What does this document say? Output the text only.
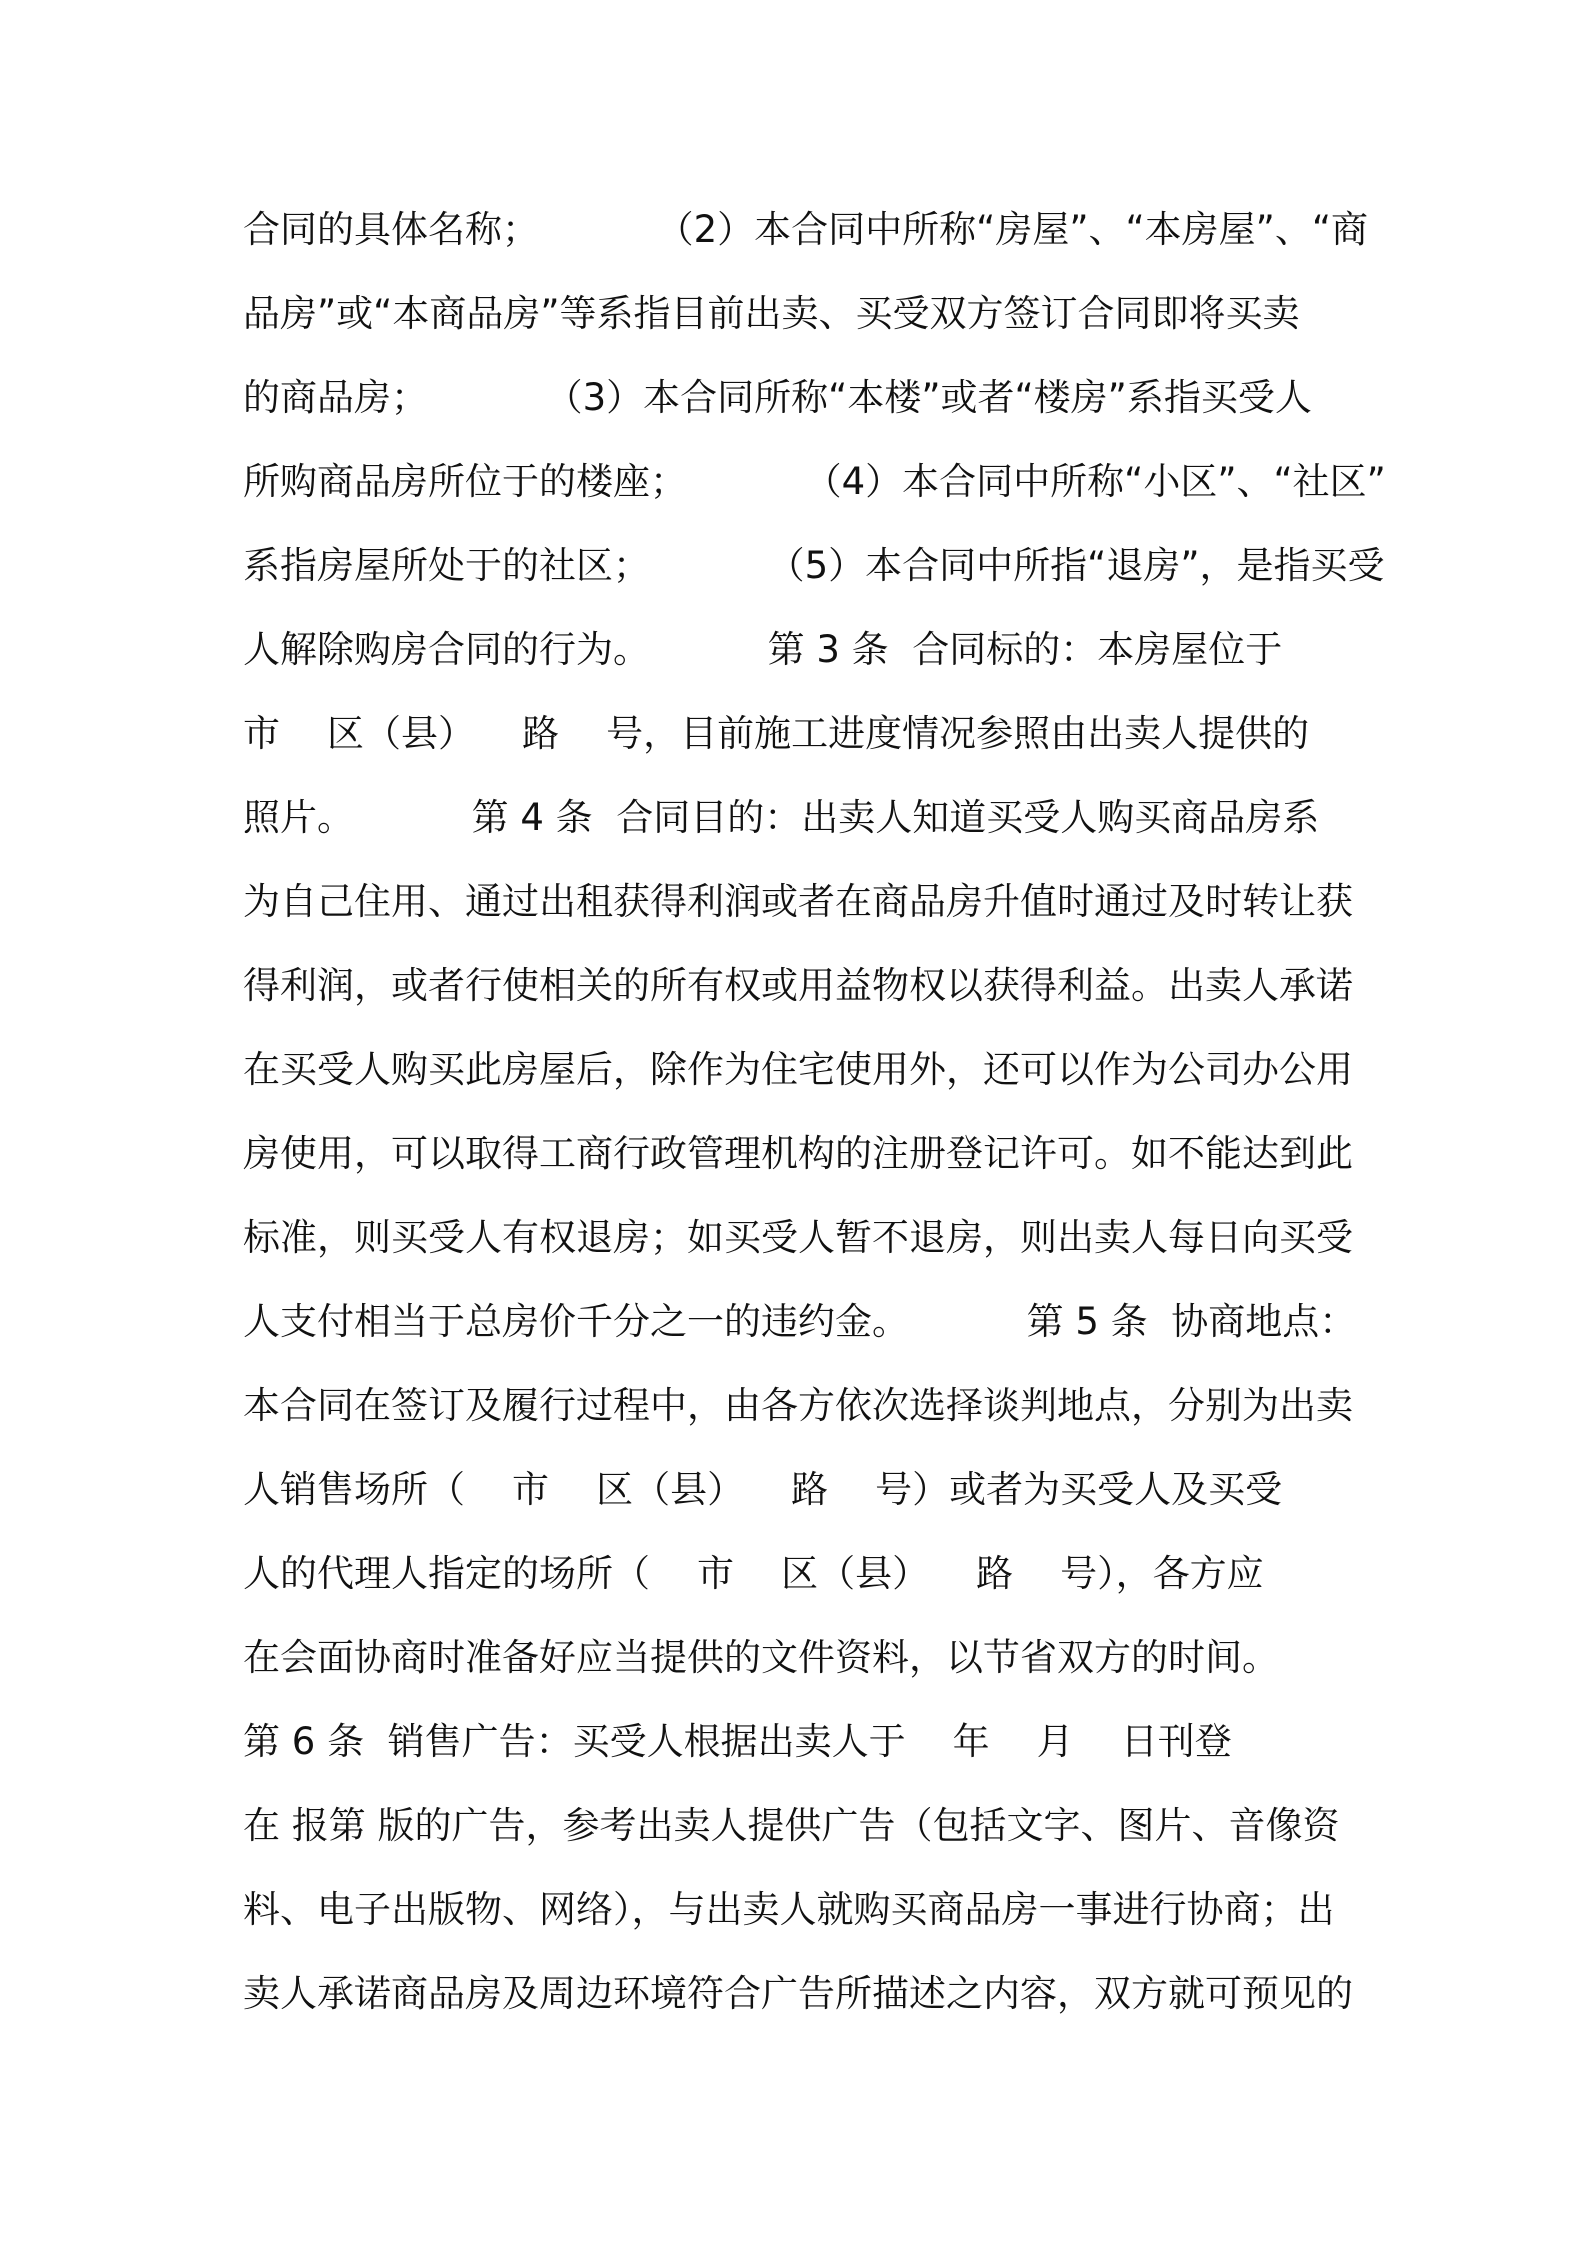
合同的具体名称；          （2）本合同中所称“房屋”、“本房屋”、“商
品房”或“本商品房”等系指目前出卖、买受双方签订合同即将买卖
的商品房；          （3）本合同所称“本楼”或者“楼房”系指买受人
所购商品房所位于的楼座；          （4）本合同中所称“小区”、“社区”
系指房屋所处于的社区；          （5）本合同中所指“退房”，是指买受
人解除购房合同的行为。          第 3 条  合同标的：本房屋位于
市    区（县）    路    号，目前施工进度情况参照由出卖人提供的
照片。          第 4 条  合同目的：出卖人知道买受人购买商品房系
为自己住用、通过出租获得利润或者在商品房升值时通过及时转让获
得利润，或者行使相关的所有权或用益物权以获得利益。出卖人承诺
在买受人购买此房屋后，除作为住宅使用外，还可以作为公司办公用
房使用，可以取得工商行政管理机构的注册登记许可。如不能达到此
标准，则买受人有权退房；如买受人暂不退房，则出卖人每日向买受
人支付相当于总房价千分之一的违约金。          第 5 条  协商地点：
本合同在签订及履行过程中，由各方依次选择谈判地点，分别为出卖
人销售场所（    市    区（县）    路    号）或者为买受人及买受
人的代理人指定的场所（    市    区（县）    路    号），各方应
在会面协商时准备好应当提供的文件资料，以节省双方的时间。
第 6 条  销售广告：买受人根据出卖人于    年    月    日刊登
在 报第 版的广告，参考出卖人提供广告（包括文字、图片、音像资
料、电子出版物、网络），与出卖人就购买商品房一事进行协商；出
卖人承诺商品房及周边环境符合广告所描述之内容，双方就可预见的
